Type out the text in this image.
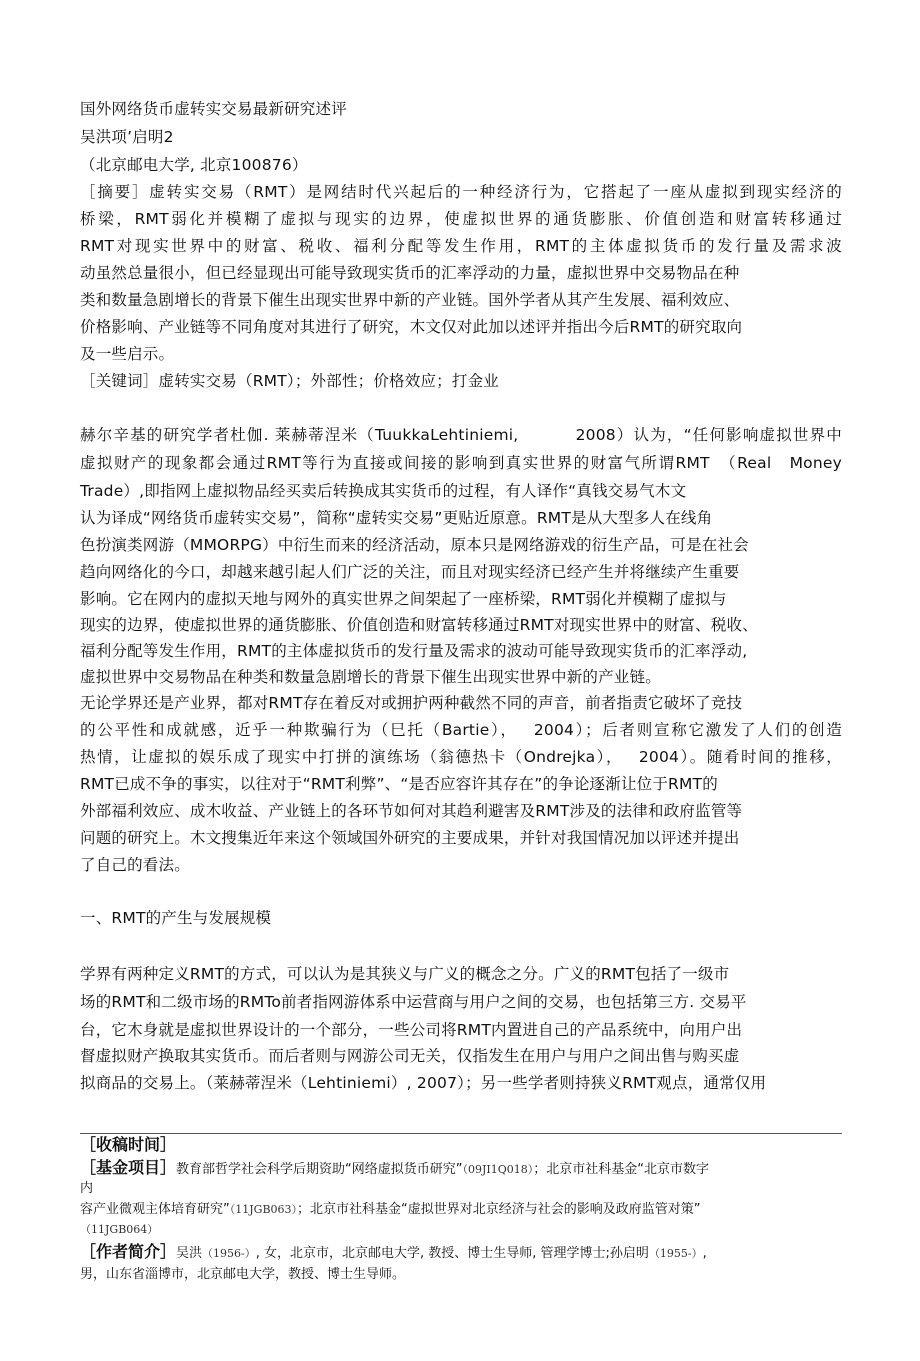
国外网络货币虚转实交易最新研究述评
吴洪项’启明2
（北京邮电大学, 北京100876）
［摘要］虚转实交易（RMT）是网结时代兴起后的一种经济行为，它搭起了一座从虚拟到现实经济的
桥梁，RMT弱化并模糊了虚拟与现实的边界，使虚拟世界的通货膨胀、价值创造和财富转移通过
RMT对现实世界中的财富、税收、福利分配等发生作用，RMT的主体虚拟货币的发行量及需求波
动虽然总量很小，但已经显现出可能导致现实货币的汇率浮动的力量，虚拟世界中交易物品在种
类和数量急剧增长的背景下催生出现实世界中新的产业链。国外学者从其产生发展、福利效应、
价格影响、产业链等不同角度对其进行了研究，木文仅对此加以述评并指出今后RMT的研究取向
及一些启示。
［关键词］虚转实交易（RMT）；外部性；价格效应；打金业
赫尔辛基的研究学者杜伽. 莱赫蒂涅米（TuukkaLehtiniemi,　　　 2008）认为，“任何影响虚拟世界中
虚拟财产的现象都会通过RMT等行为直接或间接的影响到真实世界的财富气所谓RMT　（Real　Money
Trade）,即指网上虚拟物品经买卖后转换成其实货币的过程，有人译作“真钱交易气木文
认为译成“网络货币虚转实交易”，简称“虚转实交易”更贴近原意。RMT是从大型多人在线角
色扮演类网游（MMORPG）中衍生而来的经济活动，原本只是网络游戏的衍生产品，可是在社会
趋向网络化的今口，却越来越引起人们广泛的关注，而且对现实经济已经产生并将继续产生重要
影响。它在网内的虚拟天地与网外的真实世界之间架起了一座桥梁，RMT弱化并模糊了虚拟与
现实的边界，使虚拟世界的通货膨胀、价值创造和财富转移通过RMT对现实世界中的财富、税收、
福利分配等发生作用，RMT的主体虚拟货币的发行量及需求的波动可能导致现实货币的汇率浮动,
虚拟世界中交易物品在种类和数量急剧增长的背景下催生出现实世界中新的产业链。
无论学界还是产业界，都对RMT存在着反对或拥护两种截然不同的声音，前者指责它破坏了竞技
的公平性和成就感，近乎一种欺骗行为（巳托（Bartie），　 2004）；后者则宣称它激发了人们的创造
热情，让虚拟的娱乐成了现实中打拼的演练场（翁德热卡（Ondrejka），　 2004）。随肴时间的推移，
RMT已成不争的事实，以往对于“RMT利弊”、“是否应容许其存在”的争论逐渐让位于RMT的
外部福利效应、成木收益、产业链上的各环节如何对其趋利避害及RMT涉及的法律和政府监管等
问题的研究上。木文搜集近年来这个领域国外研究的主要成果，并针对我国情况加以评述并提出
了自己的看法。
一、RMT的产生与发展规模
学界有两种定义RMT的方式，可以认为是其狭义与广义的概念之分。广义的RMT包括了一级市
场的RMT和二级市场的RMTo前者指网游体系中运营商与用户之间的交易，也包括第三方. 交易平
台，它木身就是虚拟世界设计的一个部分，一些公司将RMT内置进自己的产品系统中，向用户出
督虚拟财产换取其实货币。而后者则与网游公司无关，仅指发生在用户与用户之间出售与购买虚
拟商品的交易上。（莱赫蒂涅米（Lehtiniemi）, 2007）；另一些学者则持狭义RMT观点，通常仅用
［收稿时间］
［基金项目］教育部哲学社会科学后期资助“网络虚拟货币研究”（09JI1Q018）；北京市社科基金“北京市数字
内
容产业微观主体培育研究”（11JGB063）；北京市社科基金“虚拟世界对北京经济与社会的影响及政府监管对策”
（11JGB064）
［作者简介］吴洪（1956-）, 女，北京市，北京邮电大学, 教授、博士生导师, 管理学博士;孙启明（1955-）,
男，山东省淄博市，北京邮电大学，教授、博士生导师。
